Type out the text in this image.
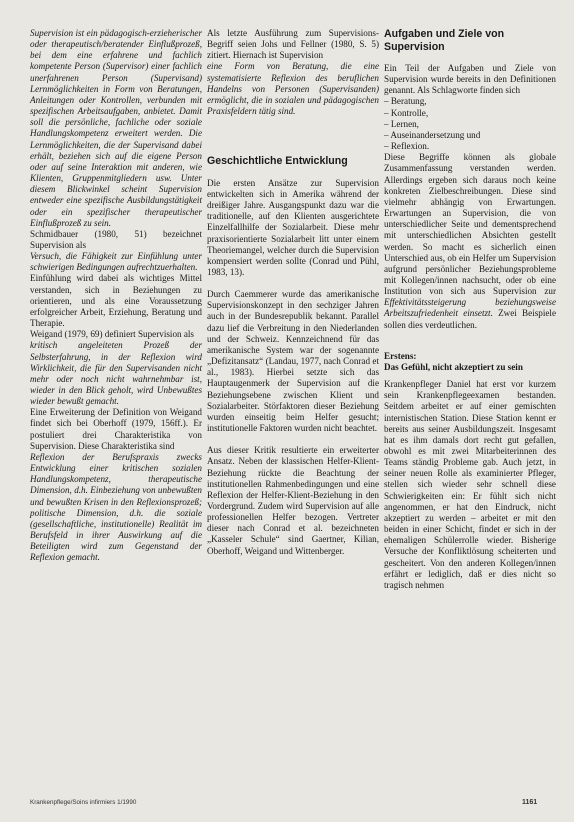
Supervision ist ein pädagogisch-erzieherischer oder therapeutisch/beratender Einflußprozeß, bei dem eine erfahrene und fachlich kompetente Person (Supervisor) einer fachlich unerfahrenen Person (Supervisand) Lernmöglichkeiten in Form von Beratungen, Anleitungen oder Kontrollen, verbunden mit spezifischen Arbeitsaufgaben, anbietet. Damit soll die persönliche, fachliche oder soziale Handlungskompetenz erweitert werden. Die Lernmöglichkeiten, die der Supervisand dabei erhält, beziehen sich auf die eigene Person oder auf seine Interaktion mit anderen, wie Klienten, Gruppenmitgliedern usw. Unter diesem Blickwinkel scheint Supervision entweder eine spezifische Ausbildungstätigkeit oder ein spezifischer therapeutischer Einflußprozeß zu sein.

Schmidbauer (1980, 51) bezeichnet Supervision als

Versuch, die Fähigkeit zur Einfühlung unter schwierigen Bedingungen aufrechtzuerhalten.

Einfühlung wird dabei als wichtiges Mittel verstanden, sich in Beziehungen zu orientieren, und als eine Voraussetzung erfolgreicher Arbeit, Erziehung, Beratung und Therapie.

Weigand (1979, 69) definiert Supervision als

kritisch angeleiteten Prozeß der Selbsterfahrung, in der Reflexion wird Wirklichkeit, die für den Supervisanden nicht mehr oder noch nicht wahrnehmbar ist, wieder in den Blick geholt, wird Unbewußtes wieder bewußt gemacht.

Eine Erweiterung der Definition von Weigand findet sich bei Oberhoff (1979, 156ff.). Er postuliert drei Charakteristika von Supervision. Diese Charakteristika sind

Reflexion der Berufspraxis zwecks Entwicklung einer kritischen sozialen Handlungskompetenz, therapeutische Dimension, d.h. Einbeziehung von unbewußten und bewußten Krisen in den Reflexionsprozeß; politische Dimension, d.h. die soziale (gesellschaftliche, institutionelle) Realität im Berufsfeld in ihrer Auswirkung auf die Beteiligten wird zum Gegenstand der Reflexion gemacht.

Als letzte Ausführung zum Supervisions-Begriff seien Johs und Fellner (1980, S. 5) zitiert. Hiernach ist Supervision

eine Form von Beratung, die eine systematisierte Reflexion des beruflichen Handelns von Personen (Supervisanden) ermöglicht, die in sozialen und pädagogischen Praxisfeldern tätig sind.

Geschichtliche Entwicklung

Die ersten Ansätze zur Supervision entwickelten sich in Amerika während der dreißiger Jahre. Ausgangspunkt dazu war die traditionelle, auf den Klienten ausgerichtete Einzelfallhilfe der Sozialarbeit. Diese mehr praxisorientierte Sozialarbeit litt unter einem Theoriemangel, welcher durch die Supervision kompensiert werden sollte (Conrad und Pühl, 1983, 13).

Durch Caemmerer wurde das amerikanische Supervisionskonzept in den sechziger Jahren auch in der Bundesrepublik bekannt. Parallel dazu lief die Verbreitung in den Niederlanden und der Schweiz. Kennzeichnend für das amerikanische System war der sogenannte „Defizitansatz“ (Landau, 1977, nach Conrad et al., 1983). Hierbei setzte sich das Hauptaugenmerk der Supervision auf die Beziehungsebene zwischen Klient und Sozialarbeiter. Störfaktoren dieser Beziehung wurden einseitig beim Helfer gesucht; institutionelle Faktoren wurden nicht beachtet.

Aus dieser Kritik resultierte ein erweiterter Ansatz. Neben der klassischen Helfer-Klient-Beziehung rückte die Beachtung der institutionellen Rahmenbedingungen und eine Reflexion der Helfer-Klient-Beziehung in den Vordergrund. Zudem wird Supervision auf alle professionellen Helfer bezogen. Vertreter dieser nach Conrad et al. bezeichneten „Kasseler Schule“ sind Gaertner, Kilian, Oberhoff, Weigand und Wittenberger.

Aufgaben und Ziele von Supervision

Ein Teil der Aufgaben und Ziele von Supervision wurde bereits in den Definitionen genannt. Als Schlagworte finden sich

– Beratung,
– Kontrolle,
– Lernen,
– Auseinandersetzung und
– Reflexion.

Diese Begriffe können als globale Zusammenfassung verstanden werden. Allerdings ergeben sich daraus noch keine konkreten Zielbeschreibungen. Diese sind vielmehr abhängig von Erwartungen. Erwartungen an Supervision, die von unterschiedlicher Seite und dementsprechend mit unterschiedlichen Absichten gestellt werden. So macht es sicherlich einen Unterschied aus, ob ein Helfer um Supervision aufgrund persönlicher Beziehungsprobleme mit Kollegen/innen nachsucht, oder ob eine Institution von sich aus Supervision zur Effektivitätssteigerung beziehungsweise Arbeitszufriedenheit einsetzt. Zwei Beispiele sollen dies verdeutlichen.

Erstens:

Das Gefühl, nicht akzeptiert zu sein

Krankenpfleger Daniel hat erst vor kurzem sein Krankenpflegeexamen bestanden. Seitdem arbeitet er auf einer gemischten internistischen Station. Diese Station kennt er bereits aus seiner Ausbildungszeit. Insgesamt hat es ihm damals dort recht gut gefallen, obwohl es mit zwei Mitarbeiterinnen des Teams ständig Probleme gab. Auch jetzt, in seiner neuen Rolle als examinierter Pfleger, stellen sich wieder sehr schnell diese Schwierigkeiten ein: Er fühlt sich nicht angenommen, er hat den Eindruck, nicht akzeptiert zu werden – arbeitet er mit den beiden in einer Schicht, findet er sich in der ehemaligen Schülerrolle wieder. Bisherige Versuche der Konfliktlösung scheiterten und gescheitert. Von den anderen Kollegen/innen erfährt er lediglich, daß er dies nicht so tragisch nehmen

Krankenpflege/Soins infirmiers 1/1990	1161
